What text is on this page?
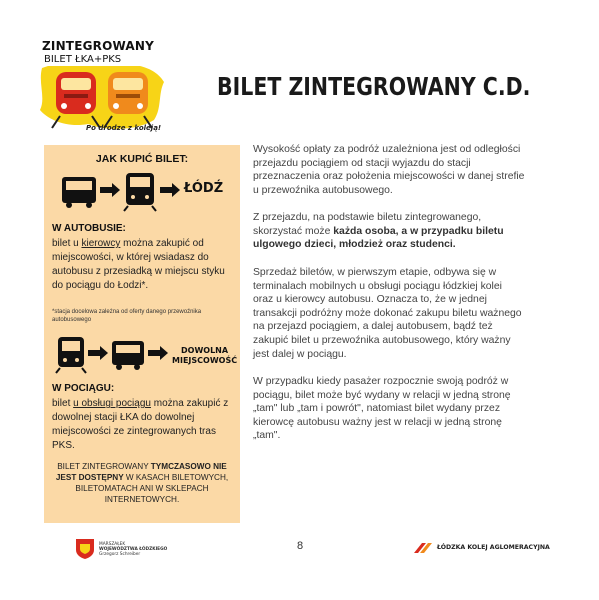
ZINTEGROWANY
BILET ŁKA+PKS
Po drodze z koleją!
BILET ZINTEGROWANY C.D.
JAK KUPIĆ BILET:
ŁÓDŹ
W AUTOBUSIE:
bilet u kierowcy można zakupić od miejscowości, w której wsiadasz do autobusu z przesiadką w miejscu styku do pociągu do Łodzi*.
*stacja docelowa zależna od oferty danego przewoźnika autobusowego
DOWOLNA
MIEJSCOWOŚĆ
W POCIĄGU:
bilet u obsługi pociągu można zakupić z dowolnej stacji ŁKA do dowolnej miejscowości ze zintegrowanych tras PKS.
BILET ZINTEGROWANY TYMCZASOWO NIE JEST DOSTĘPNY W KASACH BILETOWYCH, BILETOMATACH ANI W SKLEPACH INTERNETOWYCH.
Wysokość opłaty za podróż uzależniona jest od odległości przejazdu pociągiem od stacji wyjazdu do stacji przeznaczenia oraz położenia miejscowości w danej strefie u przewoźnika autobusowego.
Z przejazdu, na podstawie biletu zintegrowanego, skorzystać może każda osoba, a w przypadku biletu ulgowego dzieci, młodzież oraz studenci.
Sprzedaż biletów, w pierwszym etapie, odbywa się w terminalach mobilnych u obsługi pociągu łódzkiej kolei oraz u kierowcy autobusu. Oznacza to, że w jednej transakcji podróżny może dokonać zakupu biletu ważnego na przejazd pociągiem, a dalej autobusem, bądź też zakupić bilet u przewoźnika autobusowego, który ważny jest dalej w pociągu.
W przypadku kiedy pasażer rozpocznie swoją podróż w pociągu, bilet może być wydany w relacji w jedną stronę „tam" lub „tam i powrót", natomiast bilet wydany przez kierowcę autobusu ważny jest w relacji w jedną stronę „tam".
MARSZAŁEK
WOJEWÓDZTWA ŁÓDZKIEGO
Grzegorz Schreiber
8	ŁÓDZKA KOLEJ AGLOMERACYJNA
